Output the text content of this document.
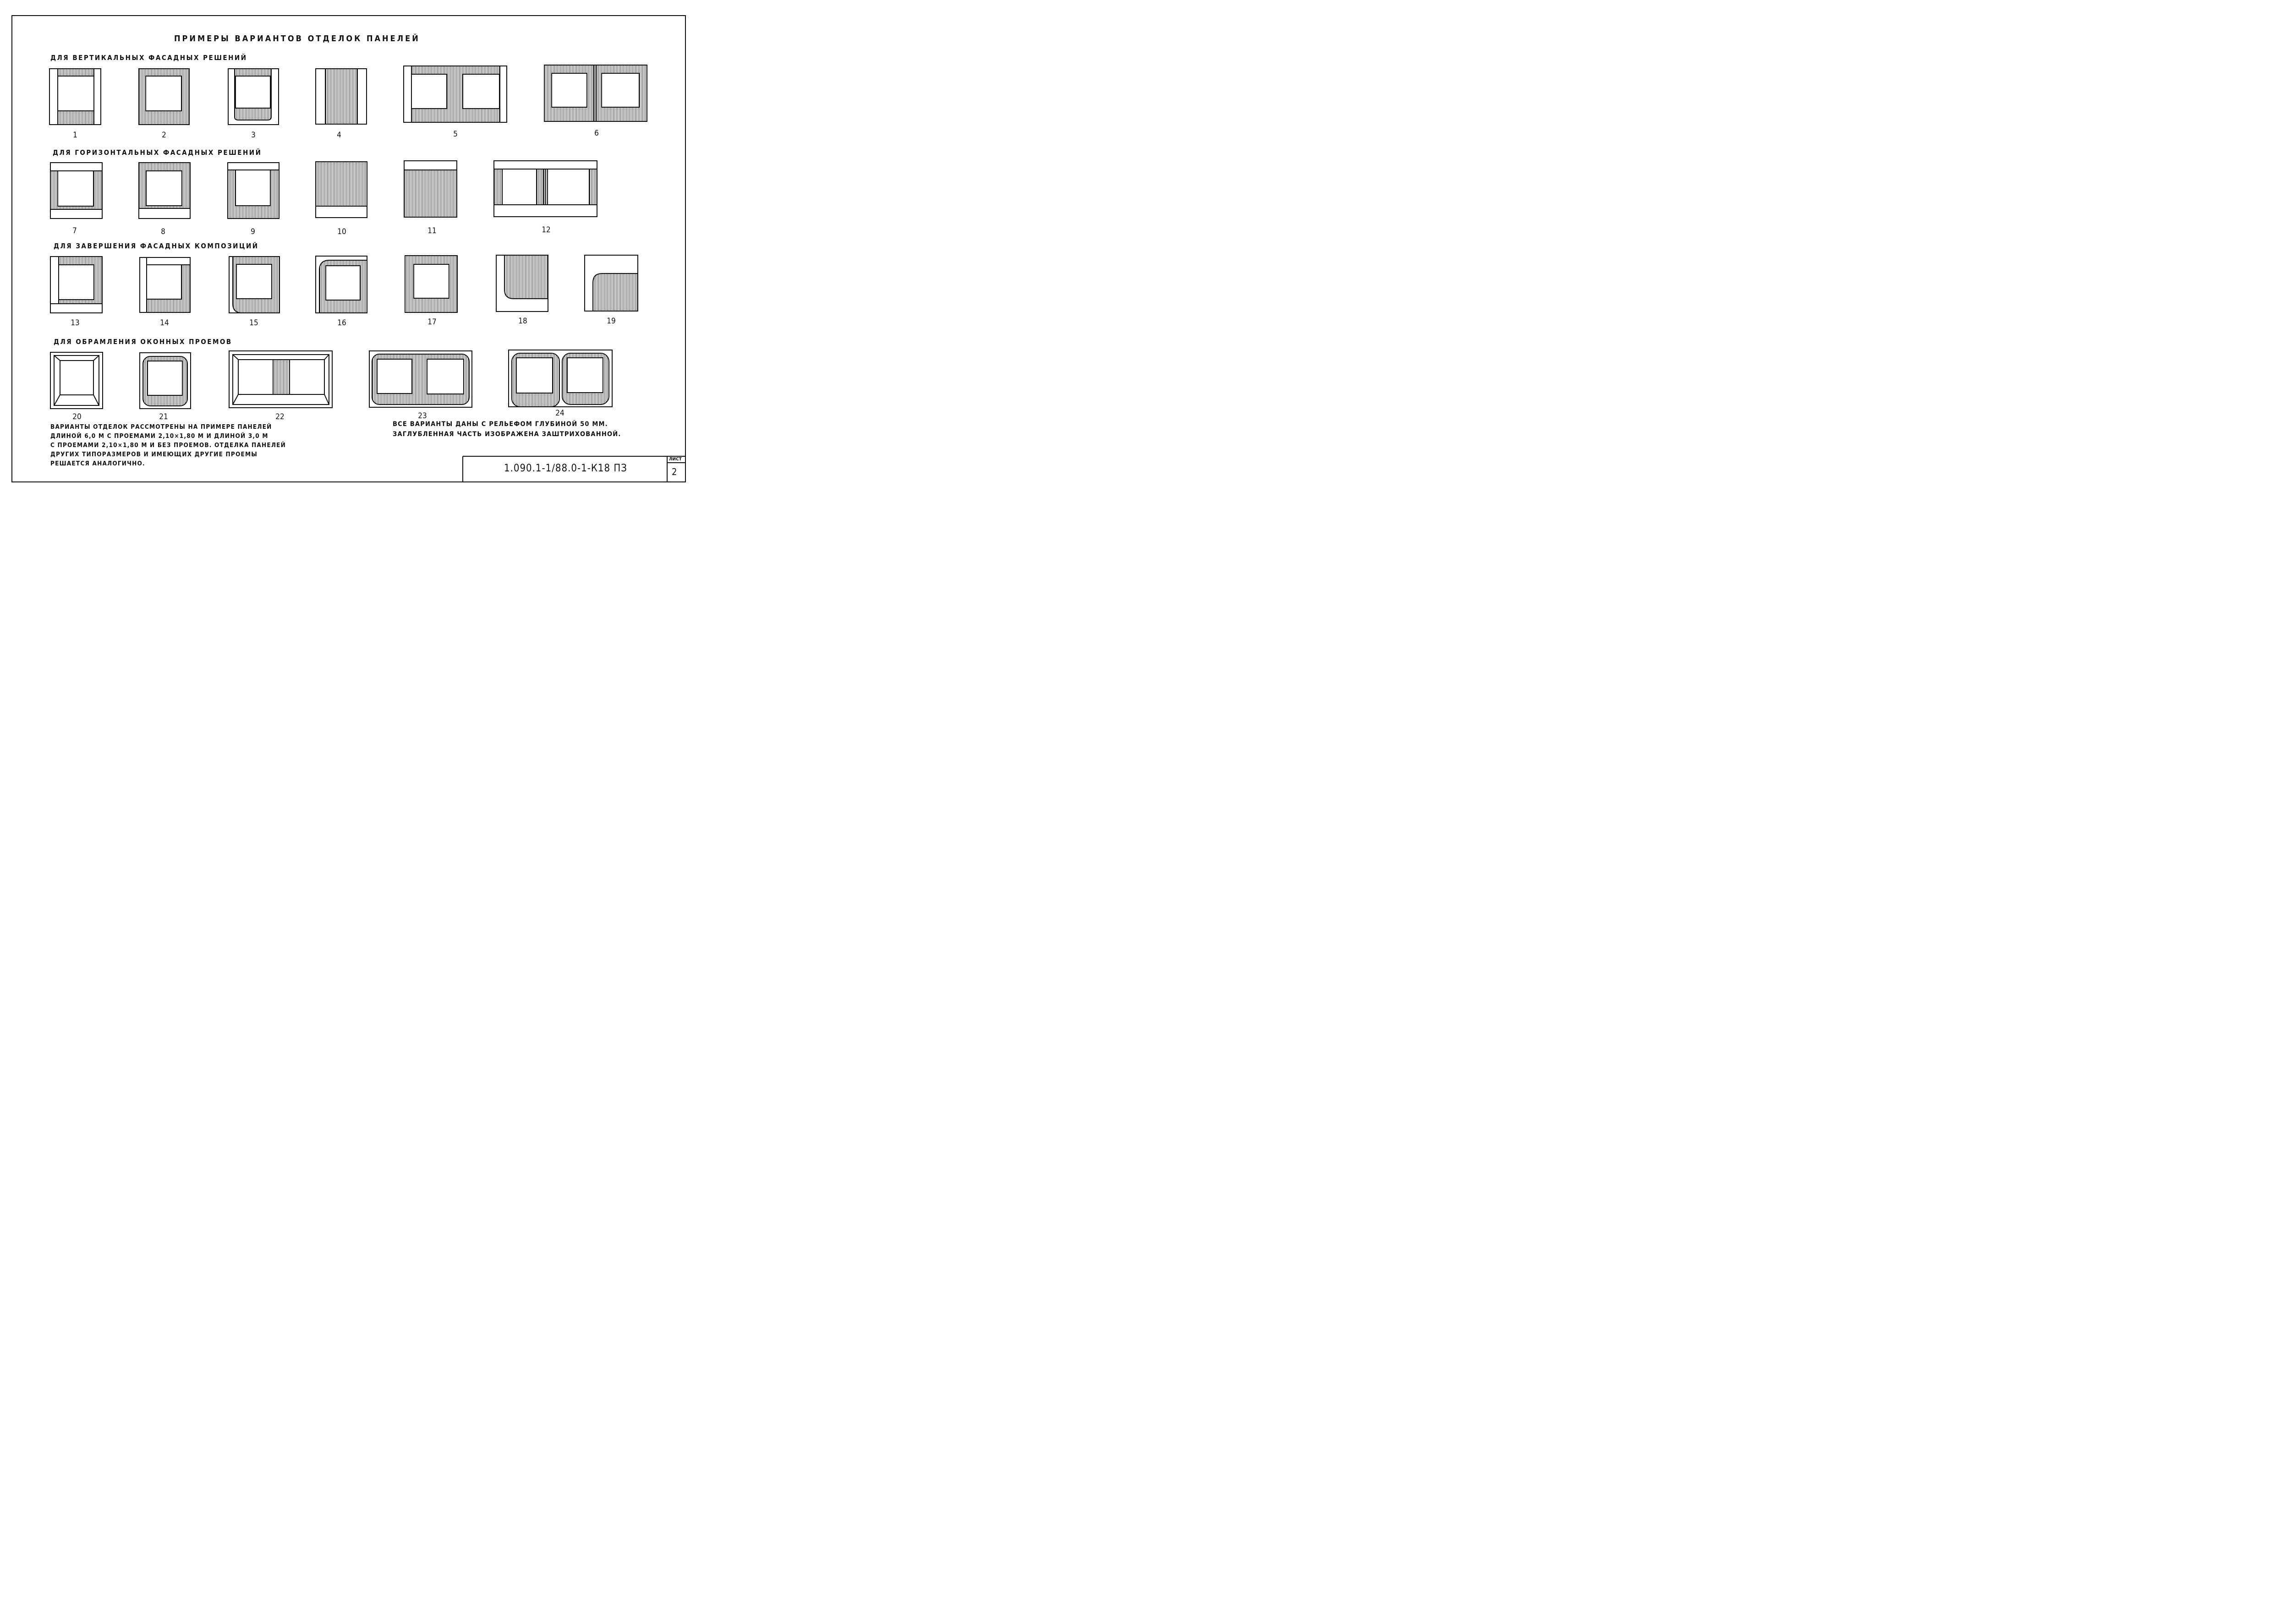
ПРИМЕРЫ ВАРИАНТОВ ОТДЕЛОК ПАНЕЛЕЙ
ДЛЯ ВЕРТИКАЛЬНЫХ ФАСАДНЫХ РЕШЕНИЙ
ДЛЯ ГОРИЗОНТАЛЬНЫХ ФАСАДНЫХ РЕШЕНИЙ
ДЛЯ ЗАВЕРШЕНИЯ ФАСАДНЫХ КОМПОЗИЦИЙ
ДЛЯ ОБРАМЛЕНИЯ ОКОННЫХ ПРОЕМОВ
1	2	3	4	5	6
7	8	9	10	11	12
13	14	15	16	17	18	19
20	21	22	23	24
ВАРИАНТЫ ОТДЕЛОК РАССМОТРЕНЫ НА ПРИМЕРЕ ПАНЕЛЕЙ
ДЛИНОЙ 6,0 М С ПРОЕМАМИ 2,10×1,80 М И ДЛИНОЙ 3,0 М
С ПРОЕМАМИ 2,10×1,80 М И БЕЗ ПРОЕМОВ. ОТДЕЛКА ПАНЕЛЕЙ
ДРУГИХ ТИПОРАЗМЕРОВ И ИМЕЮЩИХ ДРУГИЕ ПРОЕМЫ
РЕШАЕТСЯ АНАЛОГИЧНО.
ВСЕ ВАРИАНТЫ ДАНЫ С РЕЛЬЕФОМ ГЛУБИНОЙ 50 ММ.
ЗАГЛУБЛЕННАЯ ЧАСТЬ ИЗОБРАЖЕНА ЗАШТРИХОВАННОЙ.
1.090.1-1/88.0-1-К18 ПЗ
ЛИСТ
2
